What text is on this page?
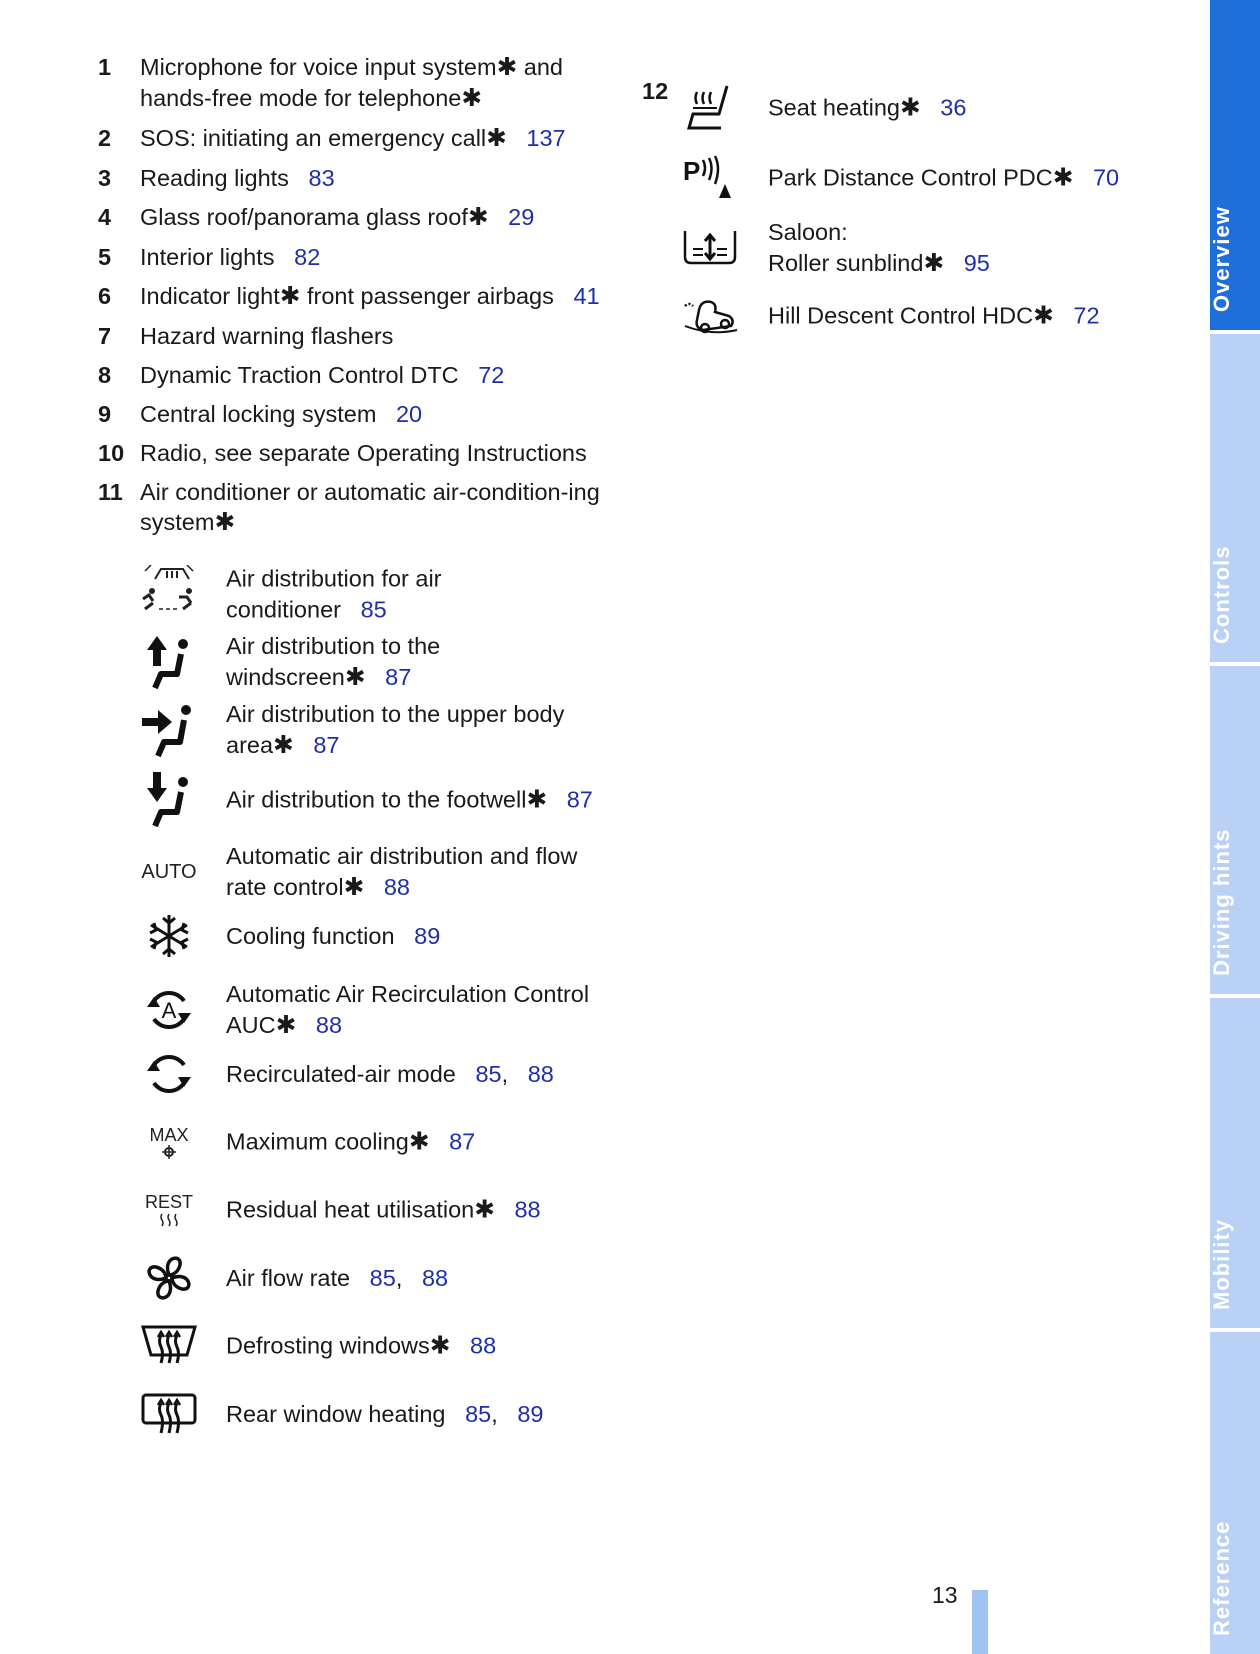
1 Microphone for voice input system✱ and hands-free mode for telephone✱
2 SOS: initiating an emergency call✱ 137
3 Reading lights 83
4 Glass roof/panorama glass roof✱ 29
5 Interior lights 82
6 Indicator light✱ front passenger airbags 41
7 Hazard warning flashers
8 Dynamic Traction Control DTC 72
9 Central locking system 20
10 Radio, see separate Operating Instructions
11 Air conditioner or automatic air-condition-ing system✱
Air distribution for air
conditioner 85
Air distribution to the
windscreen✱ 87
Air distribution to the upper body
area✱ 87
Air distribution to the footwell✱ 87
AUTO
Automatic air distribution and flow
rate control✱ 88
Cooling function 89
A
Automatic Air Recirculation Control
AUC✱ 88
Recirculated-air mode 85,   88
MAX Maximum cooling✱ 87
REST Residual heat utilisation✱ 88
Air flow rate 85,   88
Defrosting windows✱ 88
Rear window heating 85,   89
12
Seat heating✱ 36
P	Park Distance Control PDC✱ 70
Saloon:
Roller sunblind✱ 95
Hill Descent Control HDC✱ 72
Overview
Controls
Driving hints
Mobility
Reference
13
